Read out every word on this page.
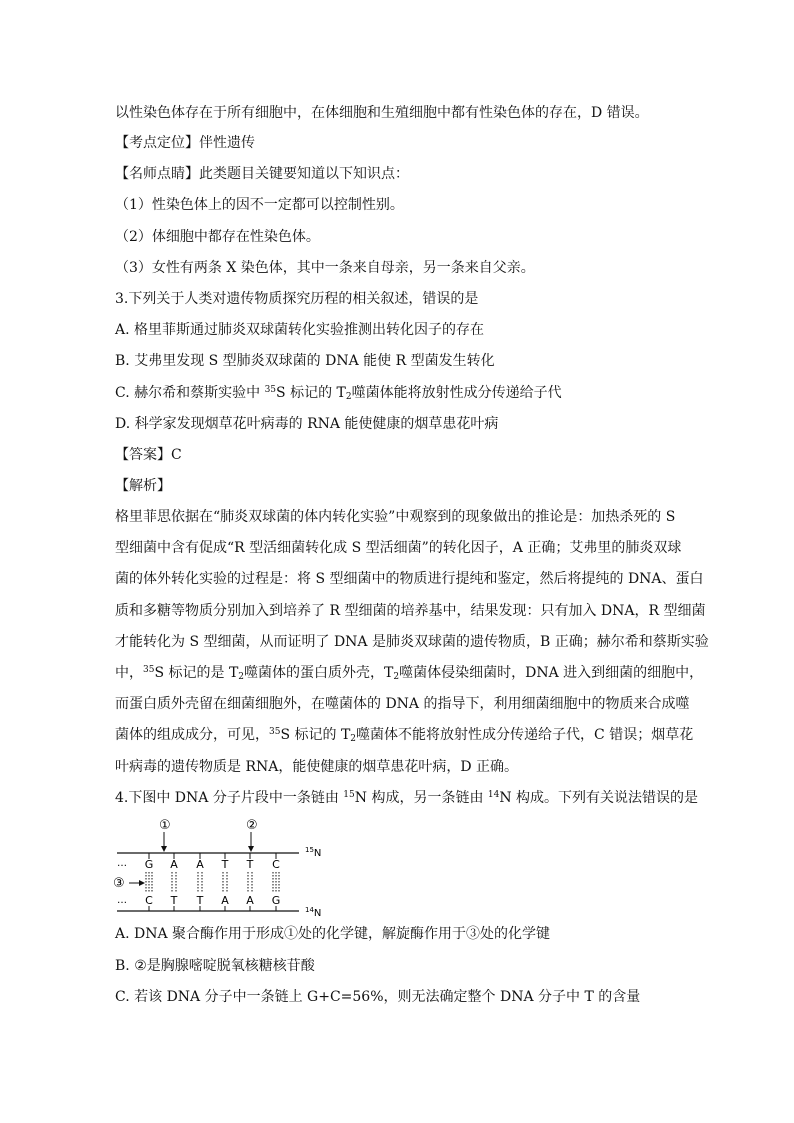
以性染色体存在于所有细胞中，在体细胞和生殖细胞中都有性染色体的存在，D 错误。
【考点定位】伴性遗传
【名师点睛】此类题目关键要知道以下知识点：
（1）性染色体上的因不一定都可以控制性别。
（2）体细胞中都存在性染色体。
（3）女性有两条 X 染色体，其中一条来自母亲，另一条来自父亲。
3.下列关于人类对遗传物质探究历程的相关叙述，错误的是
A. 格里菲斯通过肺炎双球菌转化实验推测出转化因子的存在
B. 艾弗里发现 S 型肺炎双球菌的 DNA 能使 R 型菌发生转化
C. 赫尔希和蔡斯实验中 $^{35}$S 标记的 $T_2$噬菌体能将放射性成分传递给子代
D. 科学家发现烟草花叶病毒的 RNA 能使健康的烟草患花叶病
【答案】C
【解析】
格里菲思依据在“肺炎双球菌的体内转化实验”中观察到的现象做出的推论是：加热杀死的 S
型细菌中含有促成“R 型活细菌转化成 S 型活细菌”的转化因子，A 正确；艾弗里的肺炎双球
菌的体外转化实验的过程是：将 S 型细菌中的物质进行提纯和鉴定，然后将提纯的 DNA、蛋白
质和多糖等物质分别加入到培养了 R 型细菌的培养基中，结果发现：只有加入 DNA，R 型细菌
才能转化为 S 型细菌，从而证明了 DNA 是肺炎双球菌的遗传物质，B 正确；赫尔希和蔡斯实验
中，$^{35}$S 标记的是 $T_2$噬菌体的蛋白质外壳，$T_2$噬菌体侵染细菌时，DNA 进入到细菌的细胞中，
而蛋白质外壳留在细菌细胞外，在噬菌体的 DNA 的指导下，利用细菌细胞中的物质来合成噬
菌体的组成成分，可见，$^{35}$S 标记的 $T_2$噬菌体不能将放射性成分传递给子代，C 错误；烟草花
叶病毒的遗传物质是 RNA，能使健康的烟草患花叶病，D 正确。
4.下图中 DNA 分子片段中一条链由 $^{15}$N 构成，另一条链由 $^{14}$N 构成。下列有关说法错误的是
①	②
…
$^{15}$N
G A A T T C
③
C T T A A G
…
$^{14}$N
A. DNA 聚合酶作用于形成①处的化学键，解旋酶作用于③处的化学键
B. ②是胸腺嘧啶脱氧核糖核苷酸
C. 若该 DNA 分子中一条链上 G+C=56%，则无法确定整个 DNA 分子中 T 的含量
